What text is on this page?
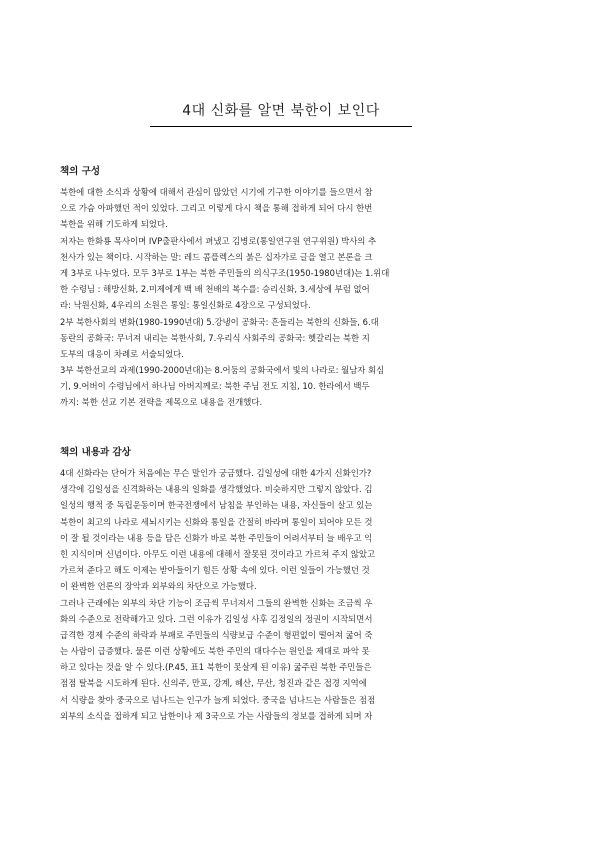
4대 신화를 알면 북한이 보인다
책의 구성
북한에 대한 소식과 상황에 대해서 관심이 많았던 시기에 기구한 이야기를 들으면서 참
으로 가슴 아파했던 적이 있었다. 그리고 이렇게 다시 책을 통해 접하게 되어 다시 한번
북한을 위해 기도하게 되었다.
저자는 한화룡 목사이며 IVP출판사에서 펴냈고 김병로(통일연구원 연구위원) 박사의 추
천사가 있는 책이다. 시작하는 말: 레드 콤플렉스의 붉은 십자가로 글을 열고 본론을 크
게 3부로 나누었다. 모두 3부로 1부는 북한 주민들의 의식구조(1950-1980년대)는 1.위대
한 수령님 : 해방신화, 2.미제에게 백 배 천배의 복수를: 승리신화, 3.세상에 부럼 없어
라: 낙원신화, 4우리의 소원은 통일: 통일신화로 4장으로 구성되었다.
2부 북한사회의 변화(1980-1990년대) 5.강냉이 공화국: 흔들리는 북한의 신화들, 6.대
동란의 공화국: 무너져 내리는 북한사회, 7.우리식 사회주의 공화국: 헷갈리는 북한 지
도부의 대응이 차례로 서술되었다.
3부 북한선교의 과제(1990-2000년대)는 8.어둠의 공화국에서 빛의 나라로: 월남자 회심
기, 9.어버이 수령님에서 하나님 아버지께로: 북한 주님 전도 지침, 10. 한라에서 백두
까지: 북한 선교 기본 전략을 제목으로 내용을 전개했다.
책의 내용과 감상
4대 신화라는 단어가 처음에는 무슨 말인가 궁금했다. 김일성에 대한 4가지 신화인가?
생각에 김일성을 신격화하는 내용의 일화를 생각했었다. 비슷하지만 그렇지 않았다. 김
일성의 행적 중 독립운동이며 한국전쟁에서 남침을 부인하는 내용, 자신들이 살고 있는
북한이 최고의 나라로 세뇌시키는 신화와 통일을 간절히 바라며 통일이 되어야 모든 것
이 잘 될 것이라는 내용 등을 담은 신화가 바로 북한 주민들이 어려서부터 늘 배우고 익
힌 지식이며 신념이다. 아무도 이런 내용에 대해서 잘못된 것이라고 가르쳐 주지 않았고
가르쳐 준다고 해도 이제는 받아들이기 힘든 상황 속에 있다. 이런 일들이 가능했던 것
이 완벽한 언론의 장악과 외부와의 차단으로 가능했다.
그러나 근래에는 외부의 차단 기능이 조금씩 무너져서 그들의 완벽한 신화는 조금씩 우
화의 수준으로 전락해가고 있다. 그런 이유가 김일성 사후 김정일의 정권이 시작되면서
급격한 경제 수준의 하락과 부패로 주민들의 식량보급 수준이 형편없이 떨어져 굶어 죽
는 사람이 급증했다. 물론 이런 상황에도 북한 주민의 대다수는 원인을 제대로 파악 못
하고 있다는 것을 알 수 있다.(P.45, 표1 북한이 못살게 된 이유) 굶주린 북한 주민들은
점점 탈북을 시도하게 된다. 신의주, 만포, 강계, 혜산, 무산, 청진과 같은 접경 지역에
서 식량을 찾아 중국으로 넘나드는 인구가 늘게 되었다. 중국을 넘나드는 사람들은 점점
외부의 소식을 접하게 되고 남한이나 제 3국으로 가는 사람들의 정보를 접하게 되며 자
